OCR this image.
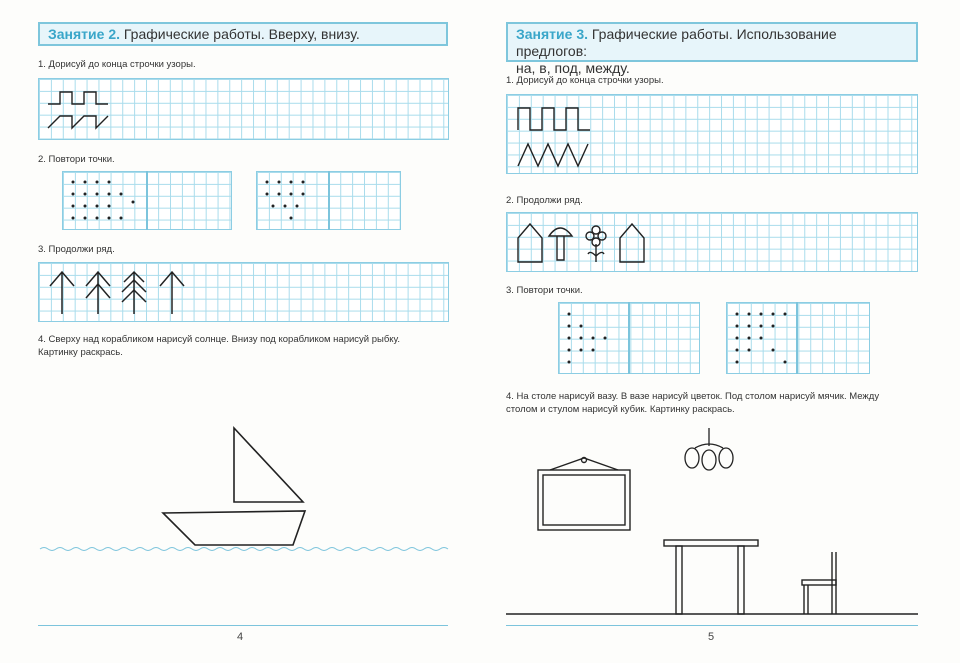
Занятие 2. Графические работы. Вверху, внизу.
1. Дорисуй до конца строчки узоры.
2. Повтори точки.
3. Продолжи ряд.
4. Сверху над корабликом нарисуй солнце. Внизу под корабликом нарисуй рыбку.
Картинку раскрась.
4
Занятие 3. Графические работы. Использование предлогов:
на, в, под, между.
1. Дорисуй до конца строчки узоры.
2. Продолжи ряд.
3. Повтори точки.
4. На столе нарисуй вазу. В вазе нарисуй цветок. Под столом нарисуй мячик. Между
столом и стулом нарисуй кубик. Картинку раскрась.
5
